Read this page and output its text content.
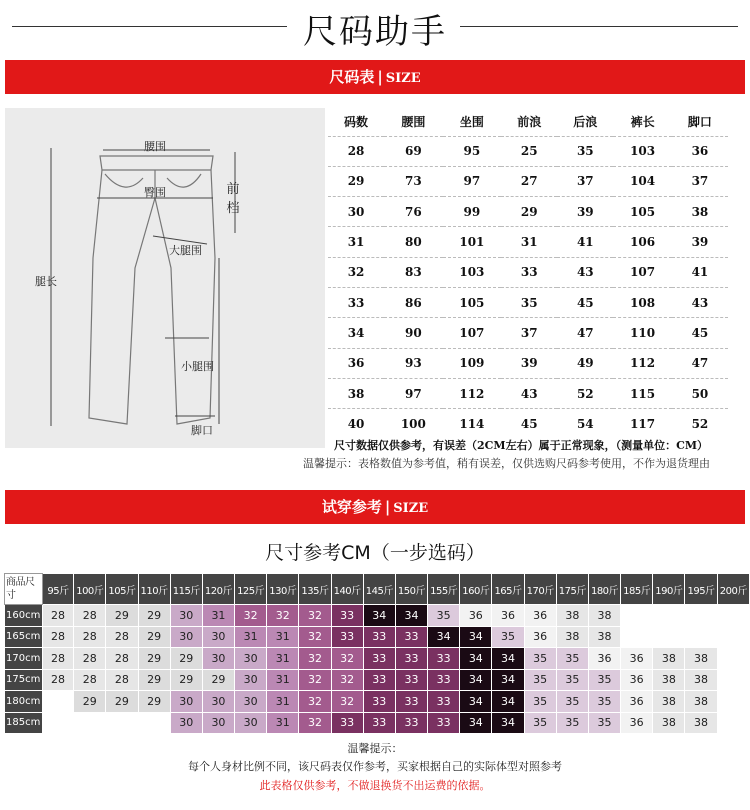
尺码助手
尺码表 | SIZE
腰围
臀围	前档
大腿围
腿长
小腿围
脚口
码数	腰围	坐围	前浪	后浪	裤长	脚口
28	69	95	25	35	103	36
29	73	97	27	37	104	37
30	76	99	29	39	105	38
31	80	101	31	41	106	39
32	83	103	33	43	107	41
33	86	105	35	45	108	43
34	90	107	37	47	110	45
36	93	109	39	49	112	47
38	97	112	43	52	115	50
40	100	114	45	54	117	52
尺寸数据仅供参考，有误差（2CM左右）属于正常现象，（测量单位：CM）
温馨提示：表格数值为参考值，稍有误差，仅供选购尺码参考使用，不作为退货理由
试穿参考 | SIZE
尺寸参考CM（一步选码）
商品尺寸	95斤	100斤	105斤	110斤	115斤	120斤	125斤	130斤	135斤	140斤	145斤	150斤	155斤	160斤	165斤	170斤	175斤	180斤	185斤	190斤	195斤	200斤
160cm	28	28	29	29	30	31	32	32	32	33	34	34	35	36	36	36	38	38				
165cm	28	28	28	29	30	30	31	31	32	33	33	33	34	34	35	36	38	38				
170cm	28	28	28	29	29	30	30	31	32	32	33	33	33	34	34	35	35	36	36	38	38	
175cm	28	28	28	29	29	29	30	31	32	32	33	33	33	34	34	35	35	35	36	38	38	
180cm		29	29	29	30	30	30	31	32	32	33	33	33	34	34	35	35	35	36	38	38	
185cm					30	30	30	31	32	33	33	33	33	34	34	35	35	35	36	38	38	
温馨提示：
每个人身材比例不同，该尺码表仅作参考，买家根据自己的实际体型对照参考
此表格仅供参考，不做退换货不出运费的依据。
